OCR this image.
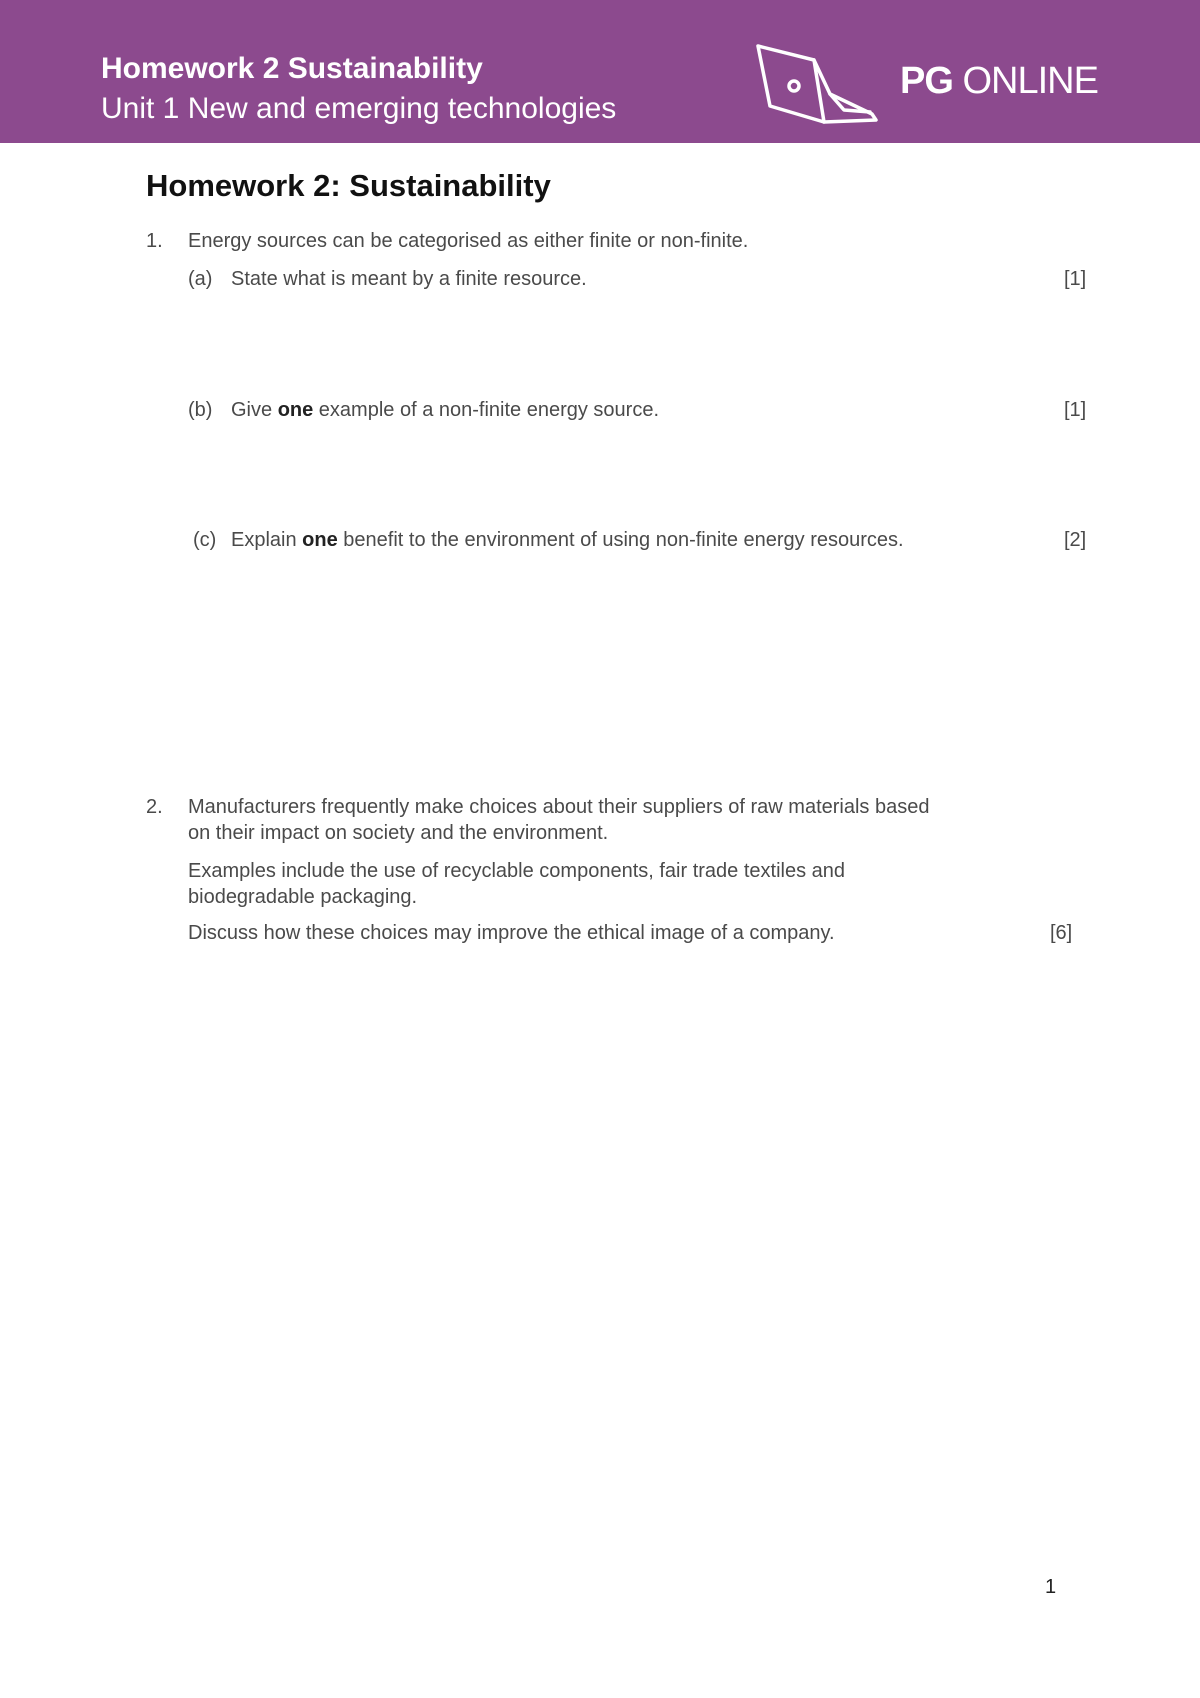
Homework 2 Sustainability
Unit 1 New and emerging technologies
PG ONLINE
Homework 2: Sustainability
1. Energy sources can be categorised as either finite or non-finite.
(a) State what is meant by a finite resource.	[1]
(b) Give one example of a non-finite energy source.	[1]
(c) Explain one benefit to the environment of using non-finite energy resources.	[2]
2. Manufacturers frequently make choices about their suppliers of raw materials based
on their impact on society and the environment.
Examples include the use of recyclable components, fair trade textiles and
biodegradable packaging.
Discuss how these choices may improve the ethical image of a company.	[6]
1
